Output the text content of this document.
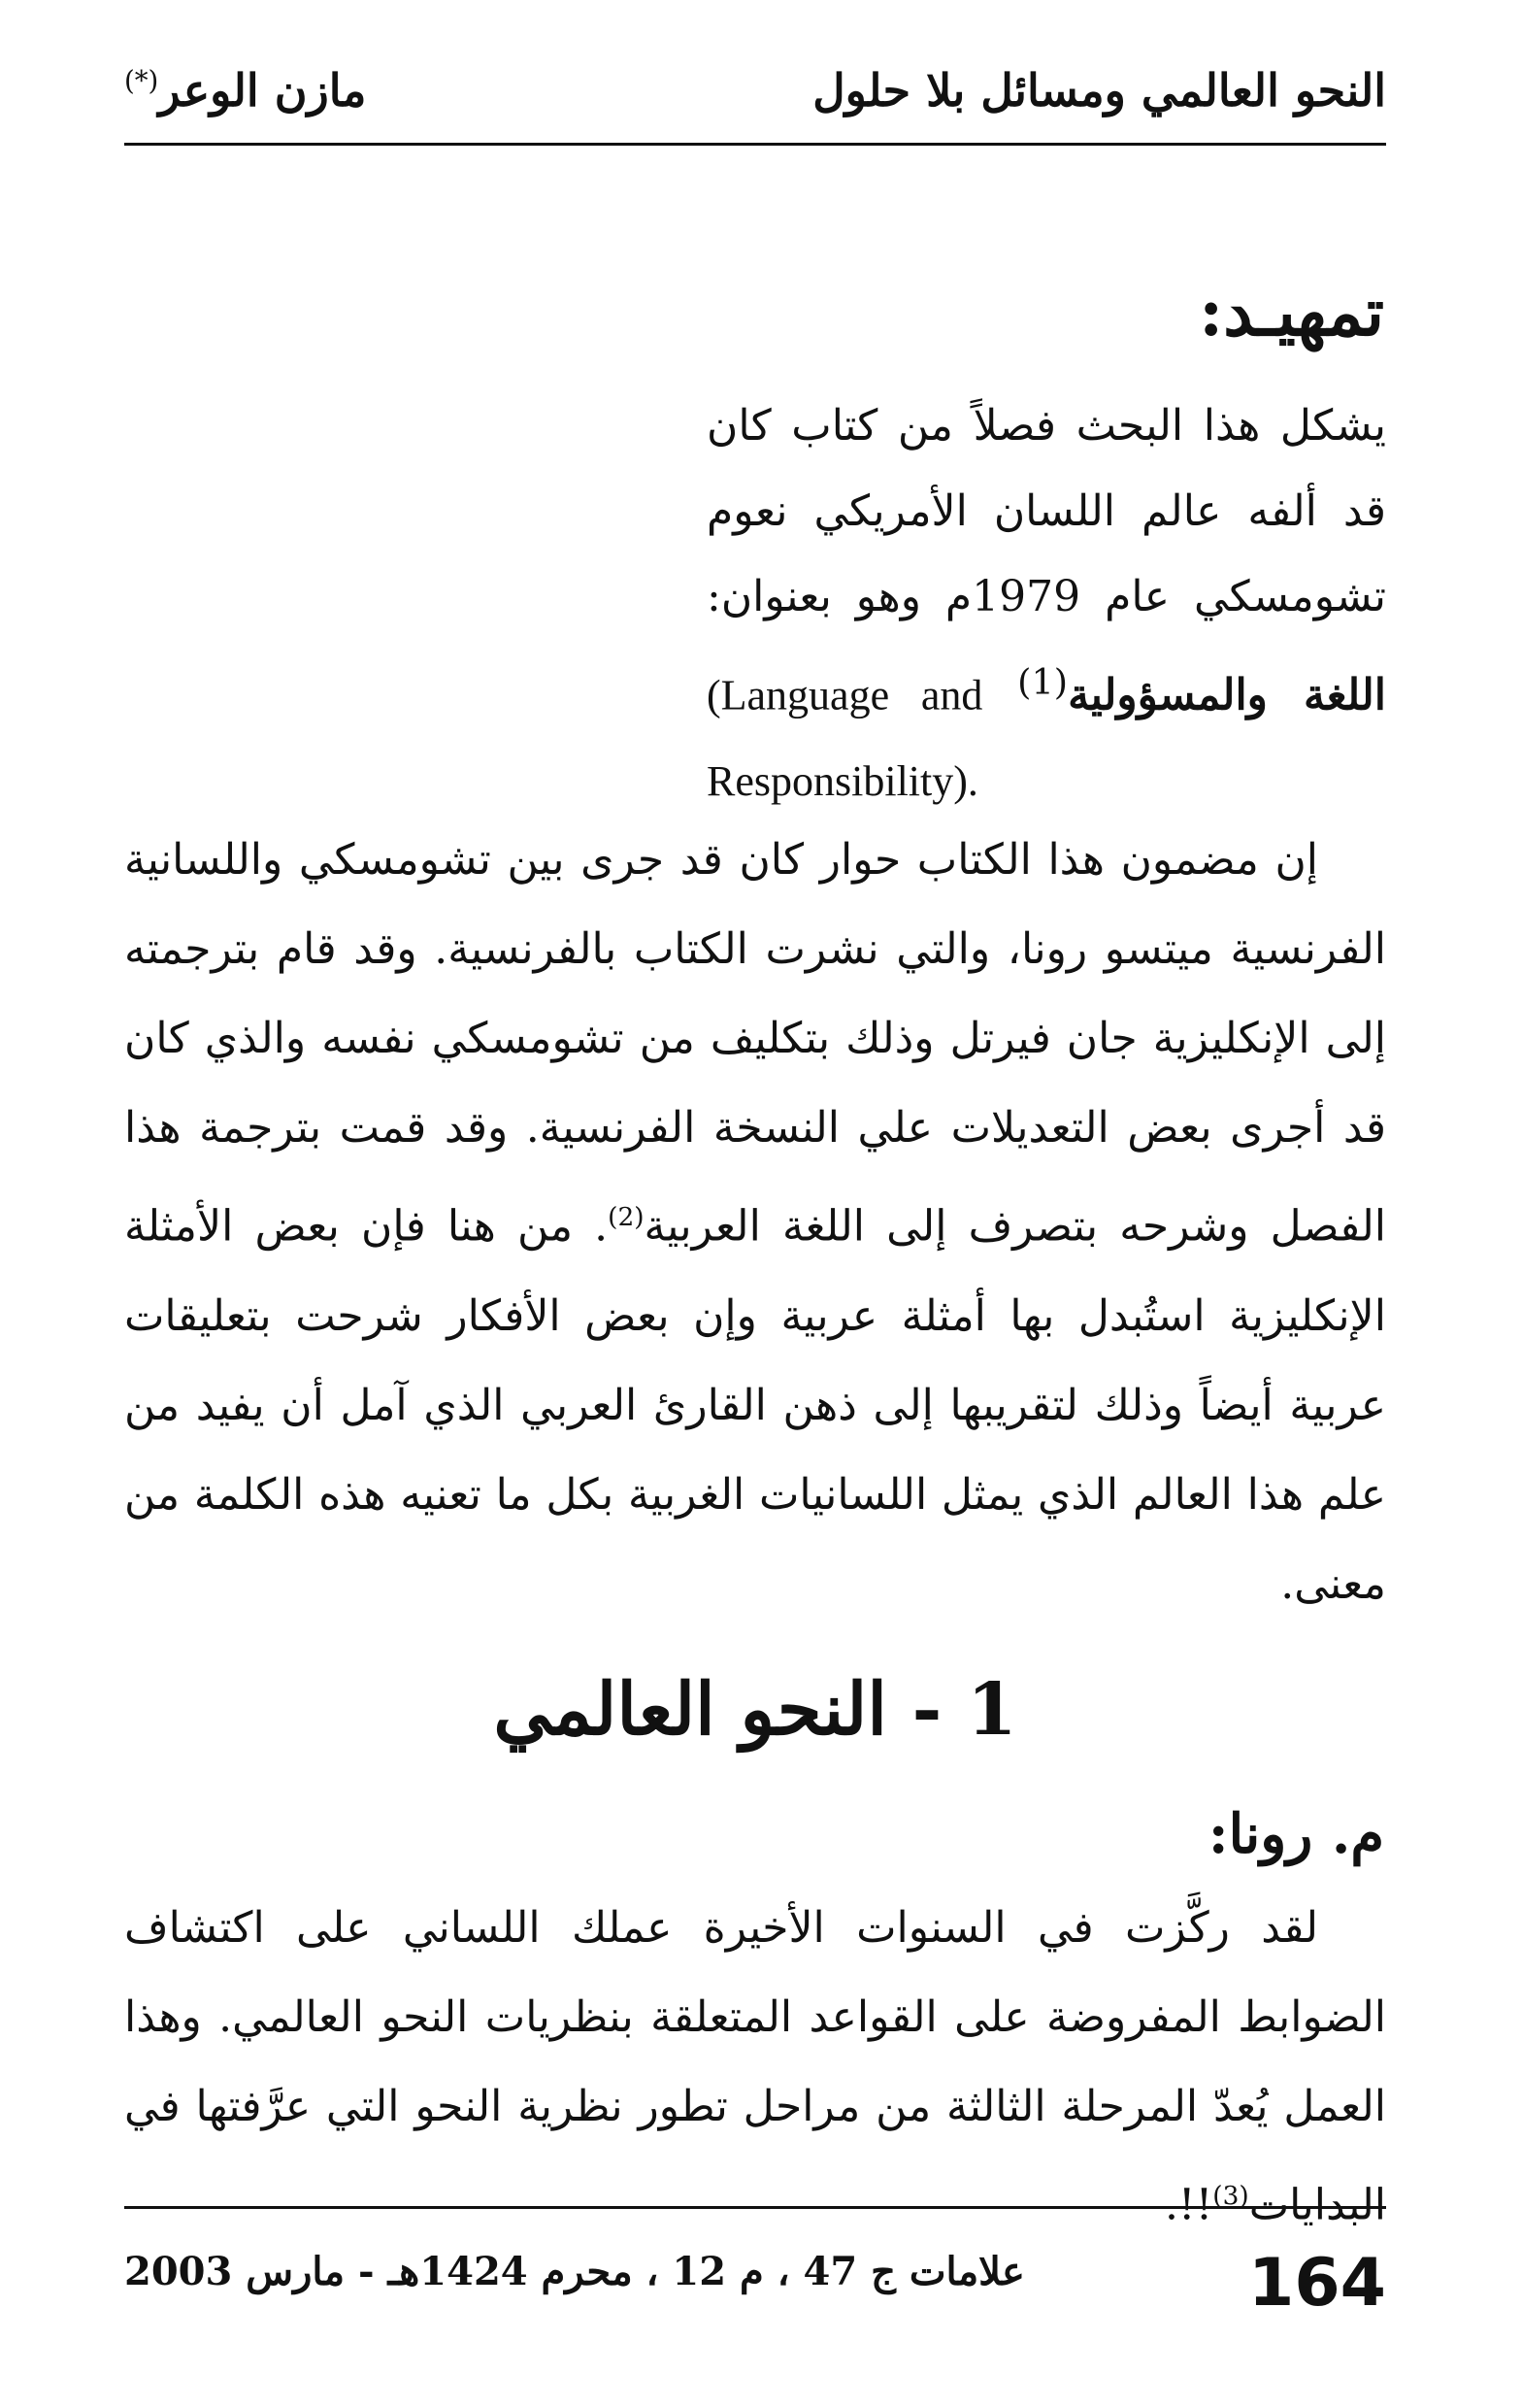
النحو العالمي ومسائل بلا حلول
مازن الوعر(*)
تمهيـد:
يشكل هذا البحث فصلاً من كتاب كان
قد ألفه عالم اللسان الأمريكي نعوم
تشومسكي عام 1979م وهو بعنوان:
اللغة والمسؤولية$^{(1)}$ (Language and
Responsibility).

إن مضمون هذا الكتاب حوار كان قد جرى بين تشومسكي واللسانية الفرنسية ميتسو رونا، والتي نشرت الكتاب بالفرنسية. وقد قام بترجمته إلى الإنكليزية جان فيرتل وذلك بتكليف من تشومسكي نفسه والذي كان قد أجرى بعض التعديلات علي النسخة الفرنسية. وقد قمت بترجمة هذا الفصل وشرحه بتصرف إلى اللغة العربية$^{(2)}$. من هنا فإن بعض الأمثلة الإنكليزية استُبدل بها أمثلة عربية وإن بعض الأفكار شرحت بتعليقات عربية أيضاً وذلك لتقريبها إلى ذهن القارئ العربي الذي آمل أن يفيد من علم هذا العالم الذي يمثل اللسانيات الغربية بكل ما تعنيه هذه الكلمة من معنى.

1 - النحو العالمي
م. رونا:

لقد ركَّزت في السنوات الأخيرة عملك اللساني على اكتشاف الضوابط المفروضة على القواعد المتعلقة بنظريات النحو العالمي. وهذا العمل يُعدّ المرحلة الثالثة من مراحل تطور نظرية النحو التي عرَّفتها في البدايات$^{(3)}$!!.

164
علامات ج 47 ، م 12 ، محرم 1424هـ - مارس 2003
